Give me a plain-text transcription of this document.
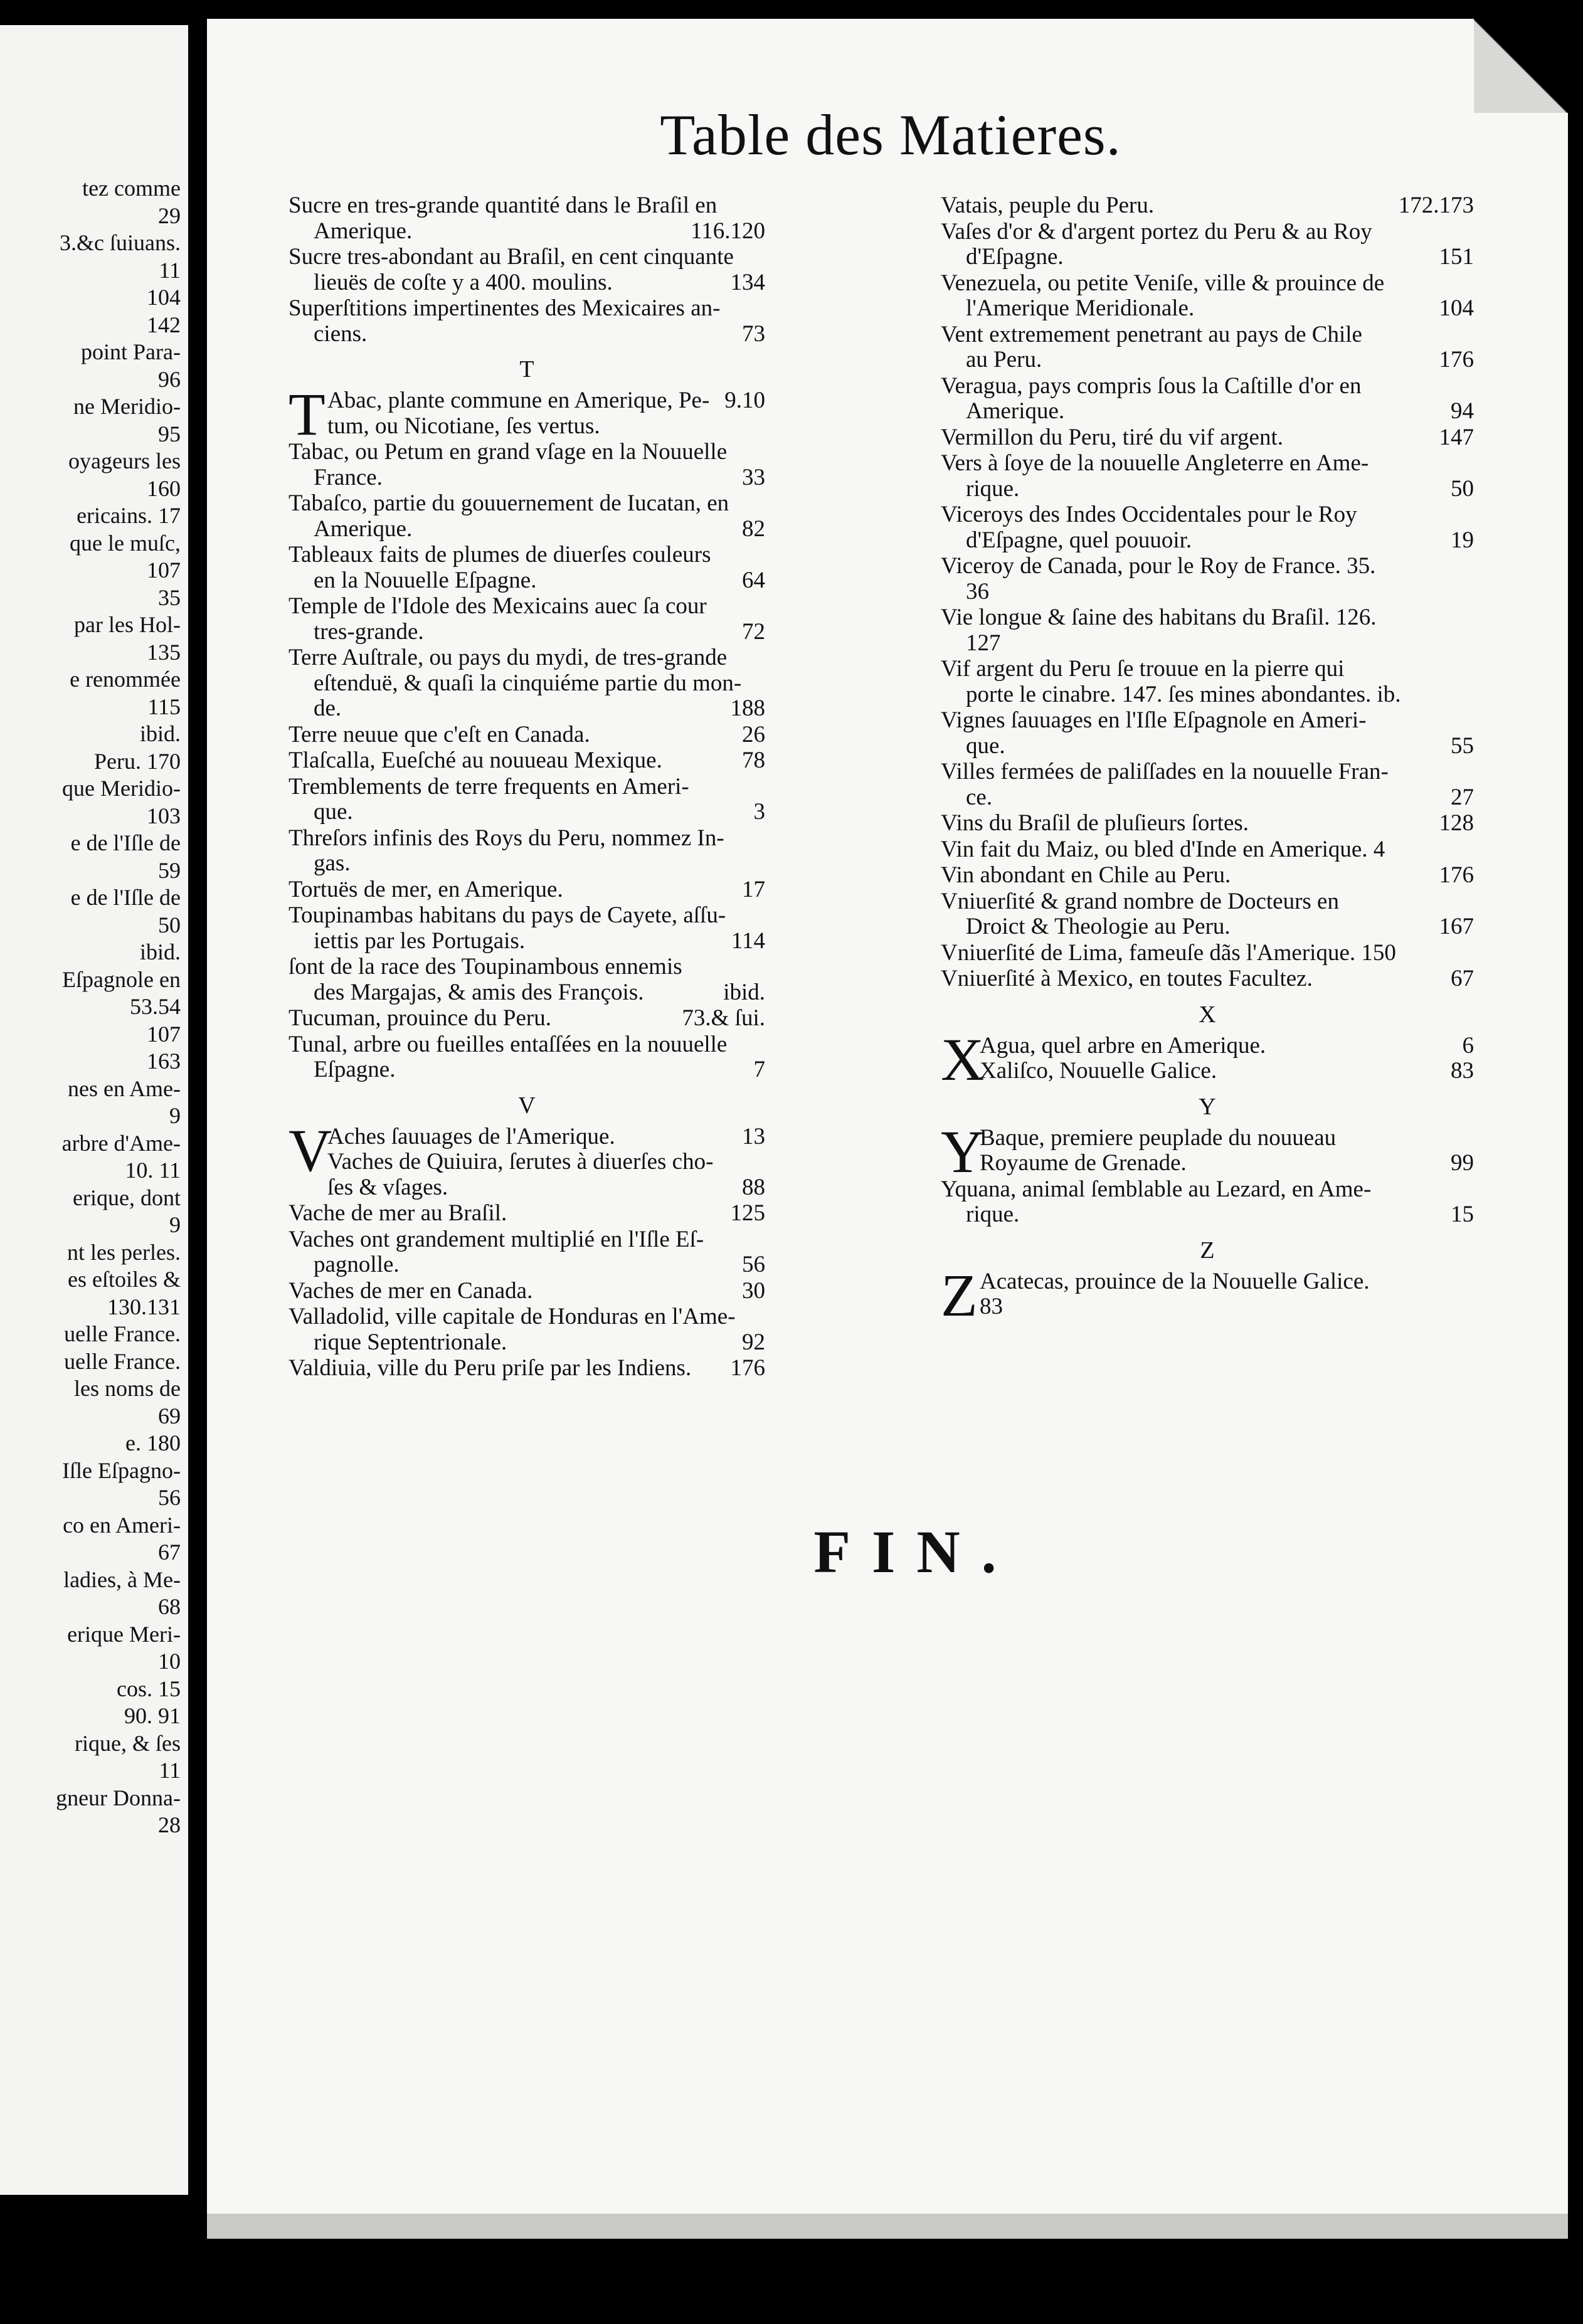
tez comme
29
3.&c ſuiuans.
11
104
142
point Para-
96
ne Meridio-
95
oyageurs les
160
ericains. 17
que le muſc,
107
35
par les Hol-
135
e renommée
115
ibid.
Peru. 170
que Meridio-
103
e de l'Iſle de
59
e de l'Iſle de
50
ibid.
Eſpagnole en
53.54
107
163
nes en Ame-
9
arbre d'Ame-
10. 11
erique, dont
9
nt les perles.
es eſtoiles &
130.131
uelle France.
uelle France.
les noms de
69
e. 180
Iſle Eſpagno-
56
co en Ameri-
67
ladies, à Me-
68
erique Meri-
10
cos. 15
90. 91
rique, & ſes
11
gneur Donna-
28
Table des Matieres.
Sucre en tres-grande quantité dans le Braſil en
Amerique.	116.120
Sucre tres-abondant au Braſil, en cent cinquante
lieuës de coſte y a 400. moulins.	134
Superſtitions impertinentes des Mexicaires an-
ciens.	73
T
T Abac, plante commune en Amerique, Pe- 9.10
tum, ou Nicotiane, ſes vertus.
Tabac, ou Petum en grand vſage en la Nouuelle
France.	33
Tabaſco, partie du gouuernement de Iucatan, en
Amerique.	82
Tableaux faits de plumes de diuerſes couleurs
en la Nouuelle Eſpagne.	64
Temple de l'Idole des Mexicains auec ſa cour
tres-grande.	72
Terre Auſtrale, ou pays du mydi, de tres-grande
eſtenduë, & quaſi la cinquiéme partie du mon-
de.	188
Terre neuue que c'eſt en Canada.	26
Tlaſcalla, Eueſché au nouueau Mexique.	78
Tremblements de terre frequents en Ameri-
que.	3
Threſors infinis des Roys du Peru, nommez In-
gas.
Tortuës de mer, en Amerique.	17
Toupinambas habitans du pays de Cayete, aſſu-
iettis par les Portugais.	114
ſont de la race des Toupinambous ennemis
des Margajas, & amis des François.	ibid.
Tucuman, prouince du Peru.	73.& ſui.
Tunal, arbre ou fueilles entaſſées en la nouuelle
Eſpagne.	7
V
V
Aches ſauuages de l'Amerique.	13
Vaches de Quiuira, ſerutes à diuerſes cho-
ſes & vſages.	88
Vache de mer au Braſil.	125
Vaches ont grandement multiplié en l'Iſle Eſ-
pagnolle.	56
Vaches de mer en Canada.	30
Valladolid, ville capitale de Honduras en l'Ame-
rique Septentrionale.	92
Valdiuia, ville du Peru priſe par les Indiens.	176
Vatais, peuple du Peru.	172.173
Vaſes d'or & d'argent portez du Peru & au Roy
d'Eſpagne.	151
Venezuela, ou petite Veniſe, ville & prouince de
l'Amerique Meridionale.	104
Vent extremement penetrant au pays de Chile
au Peru.	176
Veragua, pays compris ſous la Caſtille d'or en
Amerique.	94
Vermillon du Peru, tiré du vif argent.	147
Vers à ſoye de la nouuelle Angleterre en Ame-
rique.	50
Viceroys des Indes Occidentales pour le Roy
d'Eſpagne, quel pouuoir.	19
Viceroy de Canada, pour le Roy de France. 35.
36
Vie longue & ſaine des habitans du Braſil. 126.
127
Vif argent du Peru ſe trouue en la pierre qui
porte le cinabre. 147. ſes mines abondantes. ib.
Vignes ſauuages en l'Iſle Eſpagnole en Ameri-
que.	55
Villes fermées de paliſſades en la nouuelle Fran-
ce.	27
Vins du Braſil de pluſieurs ſortes.	128
Vin fait du Maiz, ou bled d'Inde en Amerique. 4
Vin abondant en Chile au Peru.	176
Vniuerſité & grand nombre de Docteurs en
Droict & Theologie au Peru.	167
Vniuerſité de Lima, fameuſe dãs l'Amerique. 150
Vniuerſité à Mexico, en toutes Facultez.	67
X
X
Agua, quel arbre en Amerique.	6
Xaliſco, Nouuelle Galice.	83
Y
Y
Baque, premiere peuplade du nouueau
Royaume de Grenade.	99
Yquana, animal ſemblable au Lezard, en Ame-
rique.	15
Z
Z Acatecas, prouince de la Nouuelle Galice.
83
FIN.
